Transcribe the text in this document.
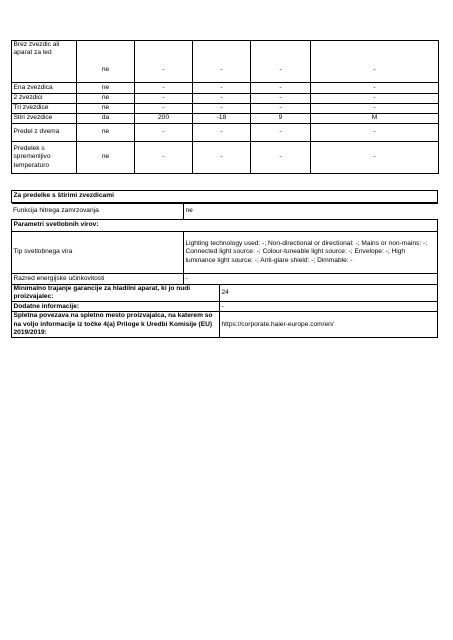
Brez zvezdic ali aparat za led	ne	-	-	-	-
Ena zvezdica	ne	-	-	-	-
2 zvezdici	ne	-	-	-	-
Tri zvezdice	ne	-	-	-	-
Štiri zvezdice	da	200	-18	9	M
Predel z dvema	ne	-	-	-	-
Predelek s spremenljivo temperaturo	ne	-	-	-	-
Za predelke s štirimi zvezdicami

Funkcija hitrega zamrzovanja	ne
Parametri svetlobnih virov:		
Tip svetlobnega vira	Lighting technology used: -; Non-directional or directional: -; Mains or non-mains: -; Connected light source: -; Colour-tuneable light source: -; Envelope: -; High luminance light source: -; Anti-glare shield: -; Dimmable: -	
Razred energijske učinkovitosti	-	
Minimalno trajanje garancije za hladilni aparat, ki jo nudi proizvajalec:		24
Dodatne informacije:		-
Spletna povezava na spletno mesto proizvajalca, na katerem so na voljo informacije iz točke 4(a) Priloge k Uredbi Komisije (EU) 2019/2019:		https://corporate.haier-europe.com/en/
